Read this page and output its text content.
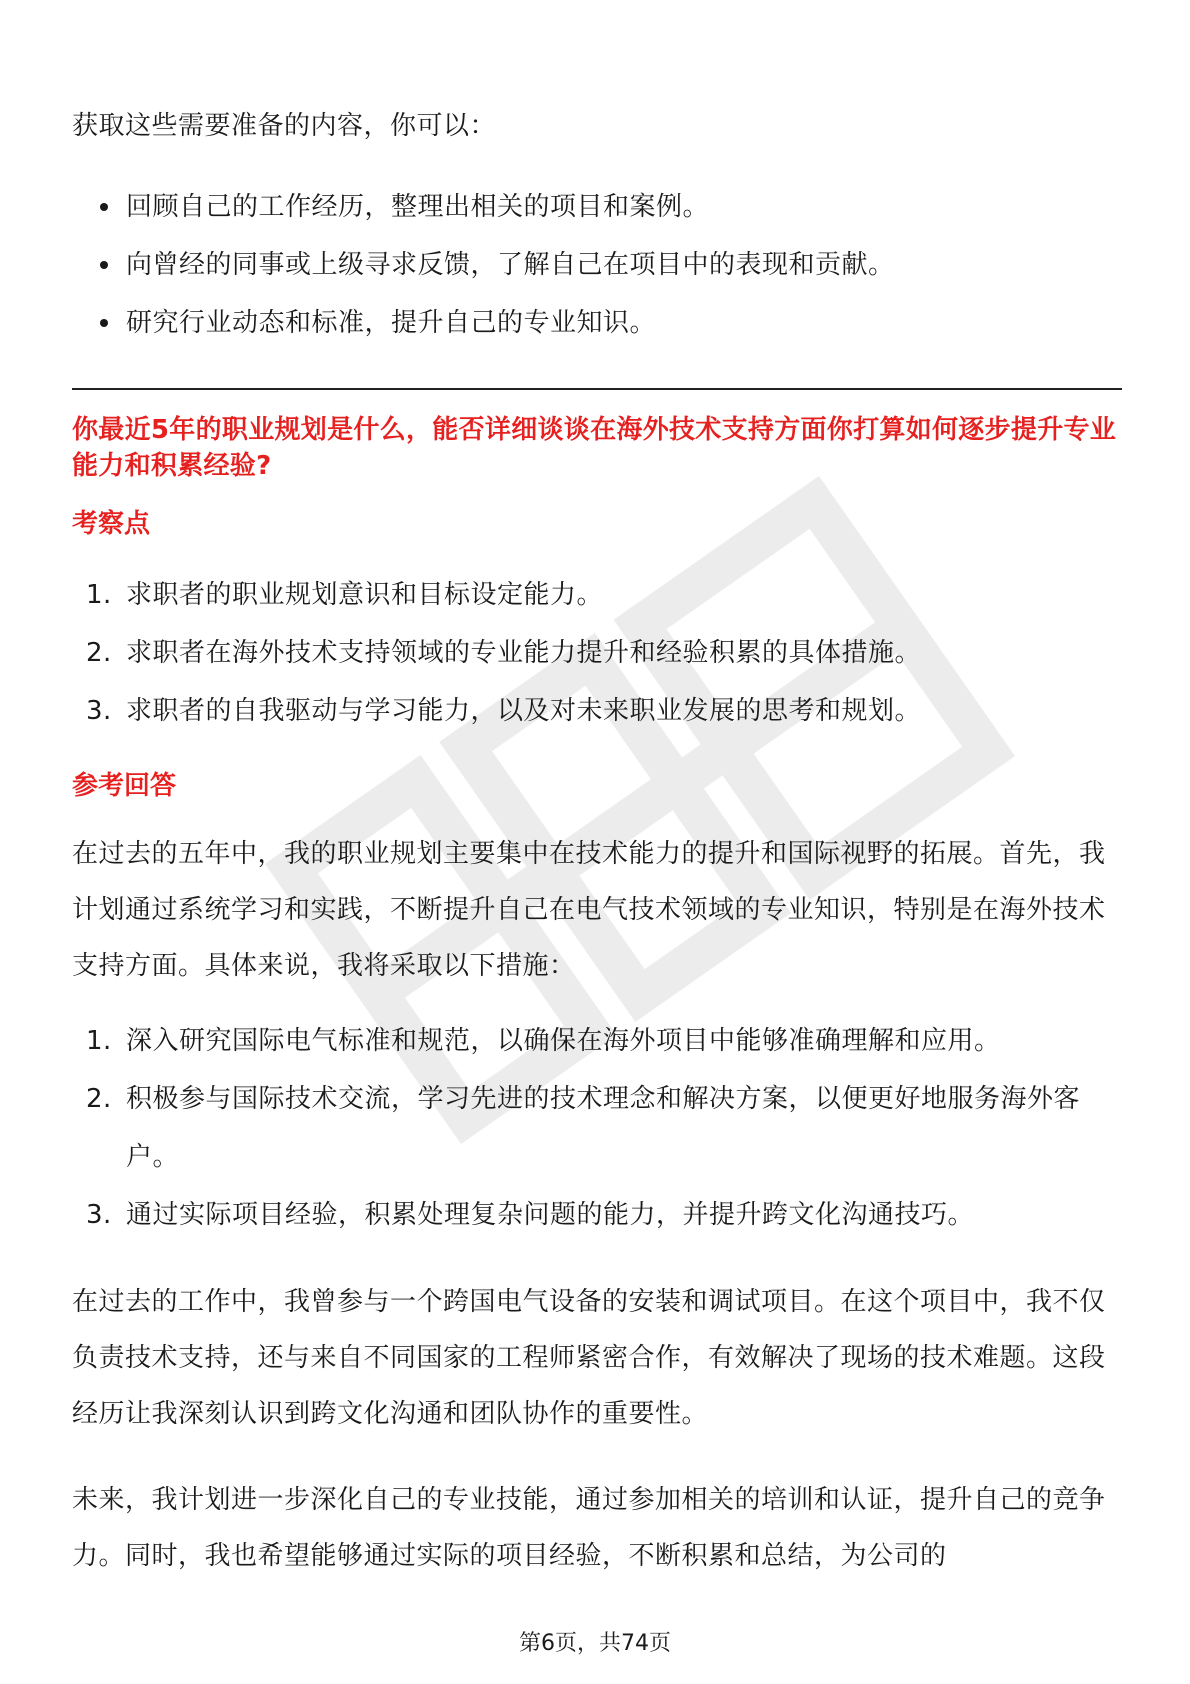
获取这些需要准备的内容，你可以：

回顾自己的工作经历，整理出相关的项目和案例。
向曾经的同事或上级寻求反馈，了解自己在项目中的表现和贡献。
研究行业动态和标准，提升自己的专业知识。

你最近5年的职业规划是什么，能否详细谈谈在海外技术支持方面你打算如何逐步提升专业能力和积累经验?

考察点

1. 求职者的职业规划意识和目标设定能力。
2. 求职者在海外技术支持领域的专业能力提升和经验积累的具体措施。
3. 求职者的自我驱动与学习能力，以及对未来职业发展的思考和规划。

参考回答

在过去的五年中，我的职业规划主要集中在技术能力的提升和国际视野的拓展。首先，我计划通过系统学习和实践，不断提升自己在电气技术领域的专业知识，特别是在海外技术支持方面。具体来说，我将采取以下措施：

1. 深入研究国际电气标准和规范，以确保在海外项目中能够准确理解和应用。
2. 积极参与国际技术交流，学习先进的技术理念和解决方案，以便更好地服务海外客户。
3. 通过实际项目经验，积累处理复杂问题的能力，并提升跨文化沟通技巧。

在过去的工作中，我曾参与一个跨国电气设备的安装和调试项目。在这个项目中，我不仅负责技术支持，还与来自不同国家的工程师紧密合作，有效解决了现场的技术难题。这段经历让我深刻认识到跨文化沟通和团队协作的重要性。

未来，我计划进一步深化自己的专业技能，通过参加相关的培训和认证，提升自己的竞争力。同时，我也希望能够通过实际的项目经验，不断积累和总结，为公司的

第6页，共74页
